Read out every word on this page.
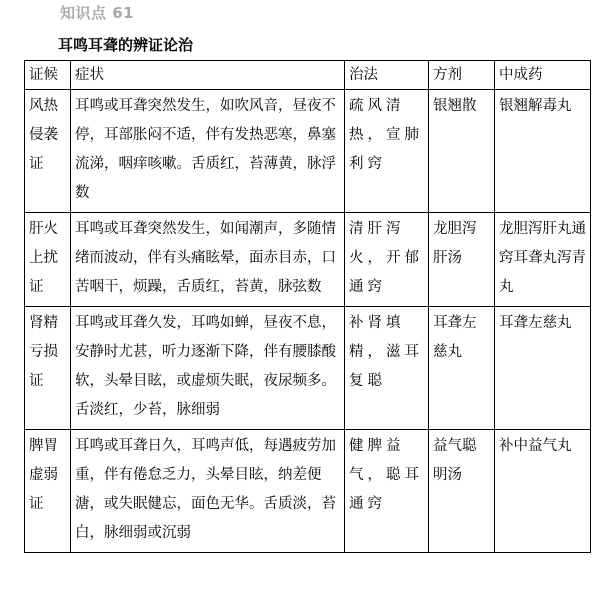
知识点 61
耳鸣耳聋的辨证论治
证候	症状	治法	方剂	中成药
风热侵袭证	耳鸣或耳聋突然发生，如吹风音，昼夜不停，耳部胀闷不适，伴有发热恶寒，鼻塞流涕，咽痒咳嗽。舌质红，苔薄黄，脉浮数	疏风清热，宣肺利窍	银翘散	银翘解毒丸
肝火上扰证	耳鸣或耳聋突然发生，如闻潮声，多随情绪而波动，伴有头痛眩晕，面赤目赤，口苦咽干，烦躁，舌质红，苔黄，脉弦数	清肝泻火，开郁通窍	龙胆泻肝汤	龙胆泻肝丸通窍耳聋丸泻青丸
肾精亏损证	耳鸣或耳聋久发，耳鸣如蝉，昼夜不息，安静时尤甚，听力逐渐下降，伴有腰膝酸软，头晕目眩，或虚烦失眠，夜尿频多。舌淡红，少苔，脉细弱	补肾填精，滋耳复聪	耳聋左慈丸	耳聋左慈丸
脾胃虚弱证	耳鸣或耳聋日久，耳鸣声低，每遇疲劳加重，伴有倦怠乏力，头晕目眩，纳差便溏，或失眠健忘，面色无华。舌质淡，苔白，脉细弱或沉弱	健脾益气，聪耳通窍	益气聪明汤	补中益气丸
